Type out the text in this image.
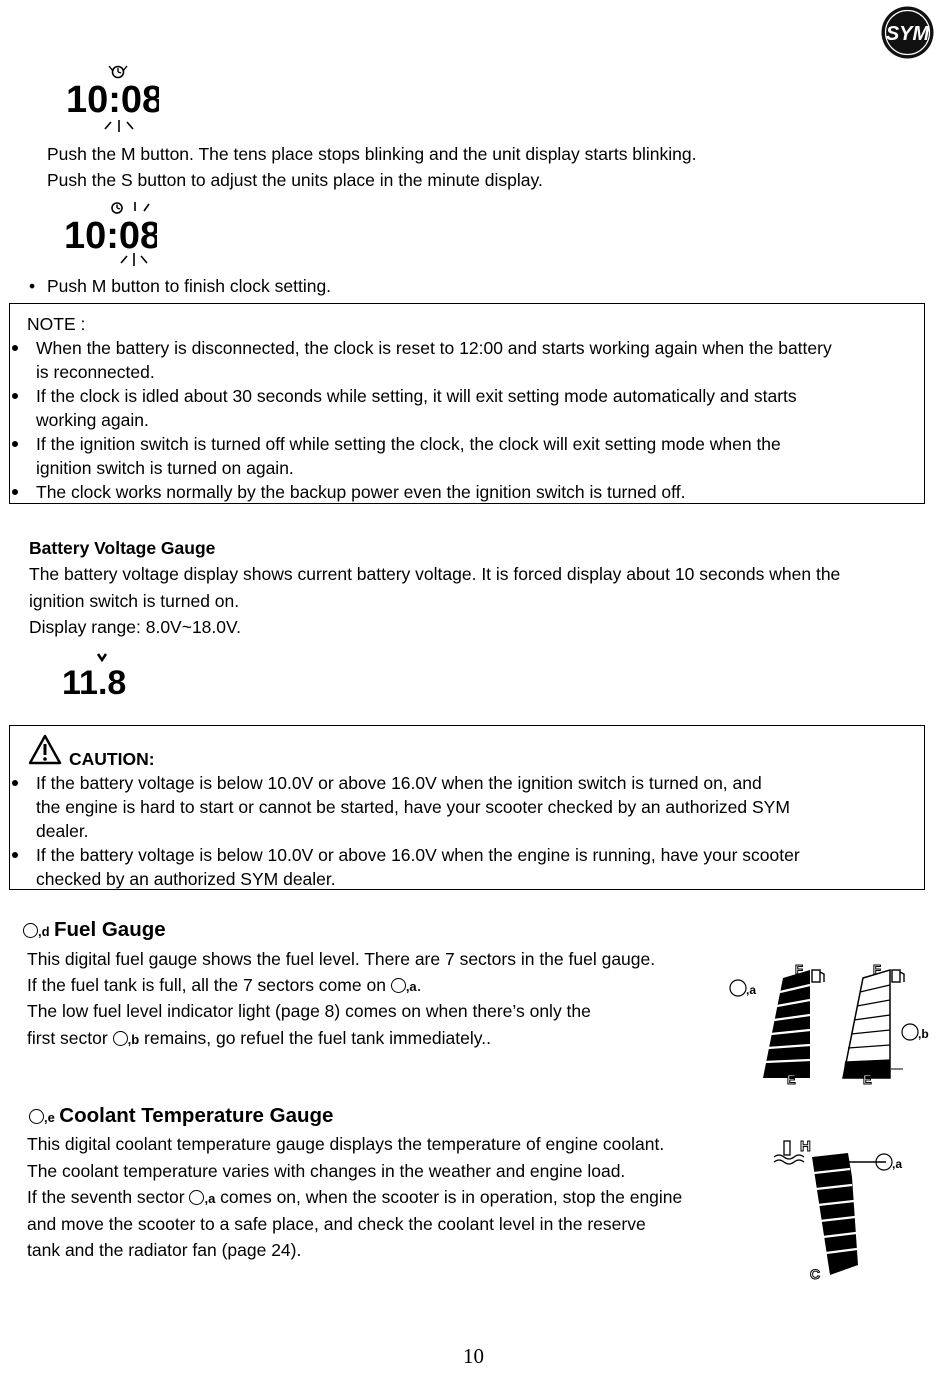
SYM
10:08
Push the M button. The tens place stops blinking and the unit display starts blinking.
Push the S button to adjust the units place in the minute display.
10:08
• Push M button to finish clock setting.
NOTE :
When the battery is disconnected, the clock is reset to 12:00 and starts working again when the battery
is reconnected.
If the clock is idled about 30 seconds while setting, it will exit setting mode automatically and starts
working again.
If the ignition switch is turned off while setting the clock, the clock will exit setting mode when the
ignition switch is turned on again.
The clock works normally by the backup power even the ignition switch is turned off.
Battery Voltage Gauge
The battery voltage display shows current battery voltage. It is forced display about 10 seconds when the
ignition switch is turned on.
Display range: 8.0V~18.0V.
11.8
CAUTION:
If the battery voltage is below 10.0V or above 16.0V when the ignition switch is turned on, and
the engine is hard to start or cannot be started, have your scooter checked by an authorized SYM
dealer.
If the battery voltage is below 10.0V or above 16.0V when the engine is running, have your scooter
checked by an authorized SYM dealer.
,d Fuel Gauge
This digital fuel gauge shows the fuel level. There are 7 sectors in the fuel gauge.
If the fuel tank is full, all the 7 sectors come on ,a.
The low fuel level indicator light (page 8) comes on when there’s only the
first sector ,b remains, go refuel the fuel tank immediately..
,a
F
E
F
E
,b
,e Coolant Temperature Gauge
This digital coolant temperature gauge displays the temperature of engine coolant.
The coolant temperature varies with changes in the weather and engine load.
If the seventh sector ,a comes on, when the scooter is in operation, stop the engine
and move the scooter to a safe place, and check the coolant level in the reserve
tank and the radiator fan (page 24).
H
,a
C
10
